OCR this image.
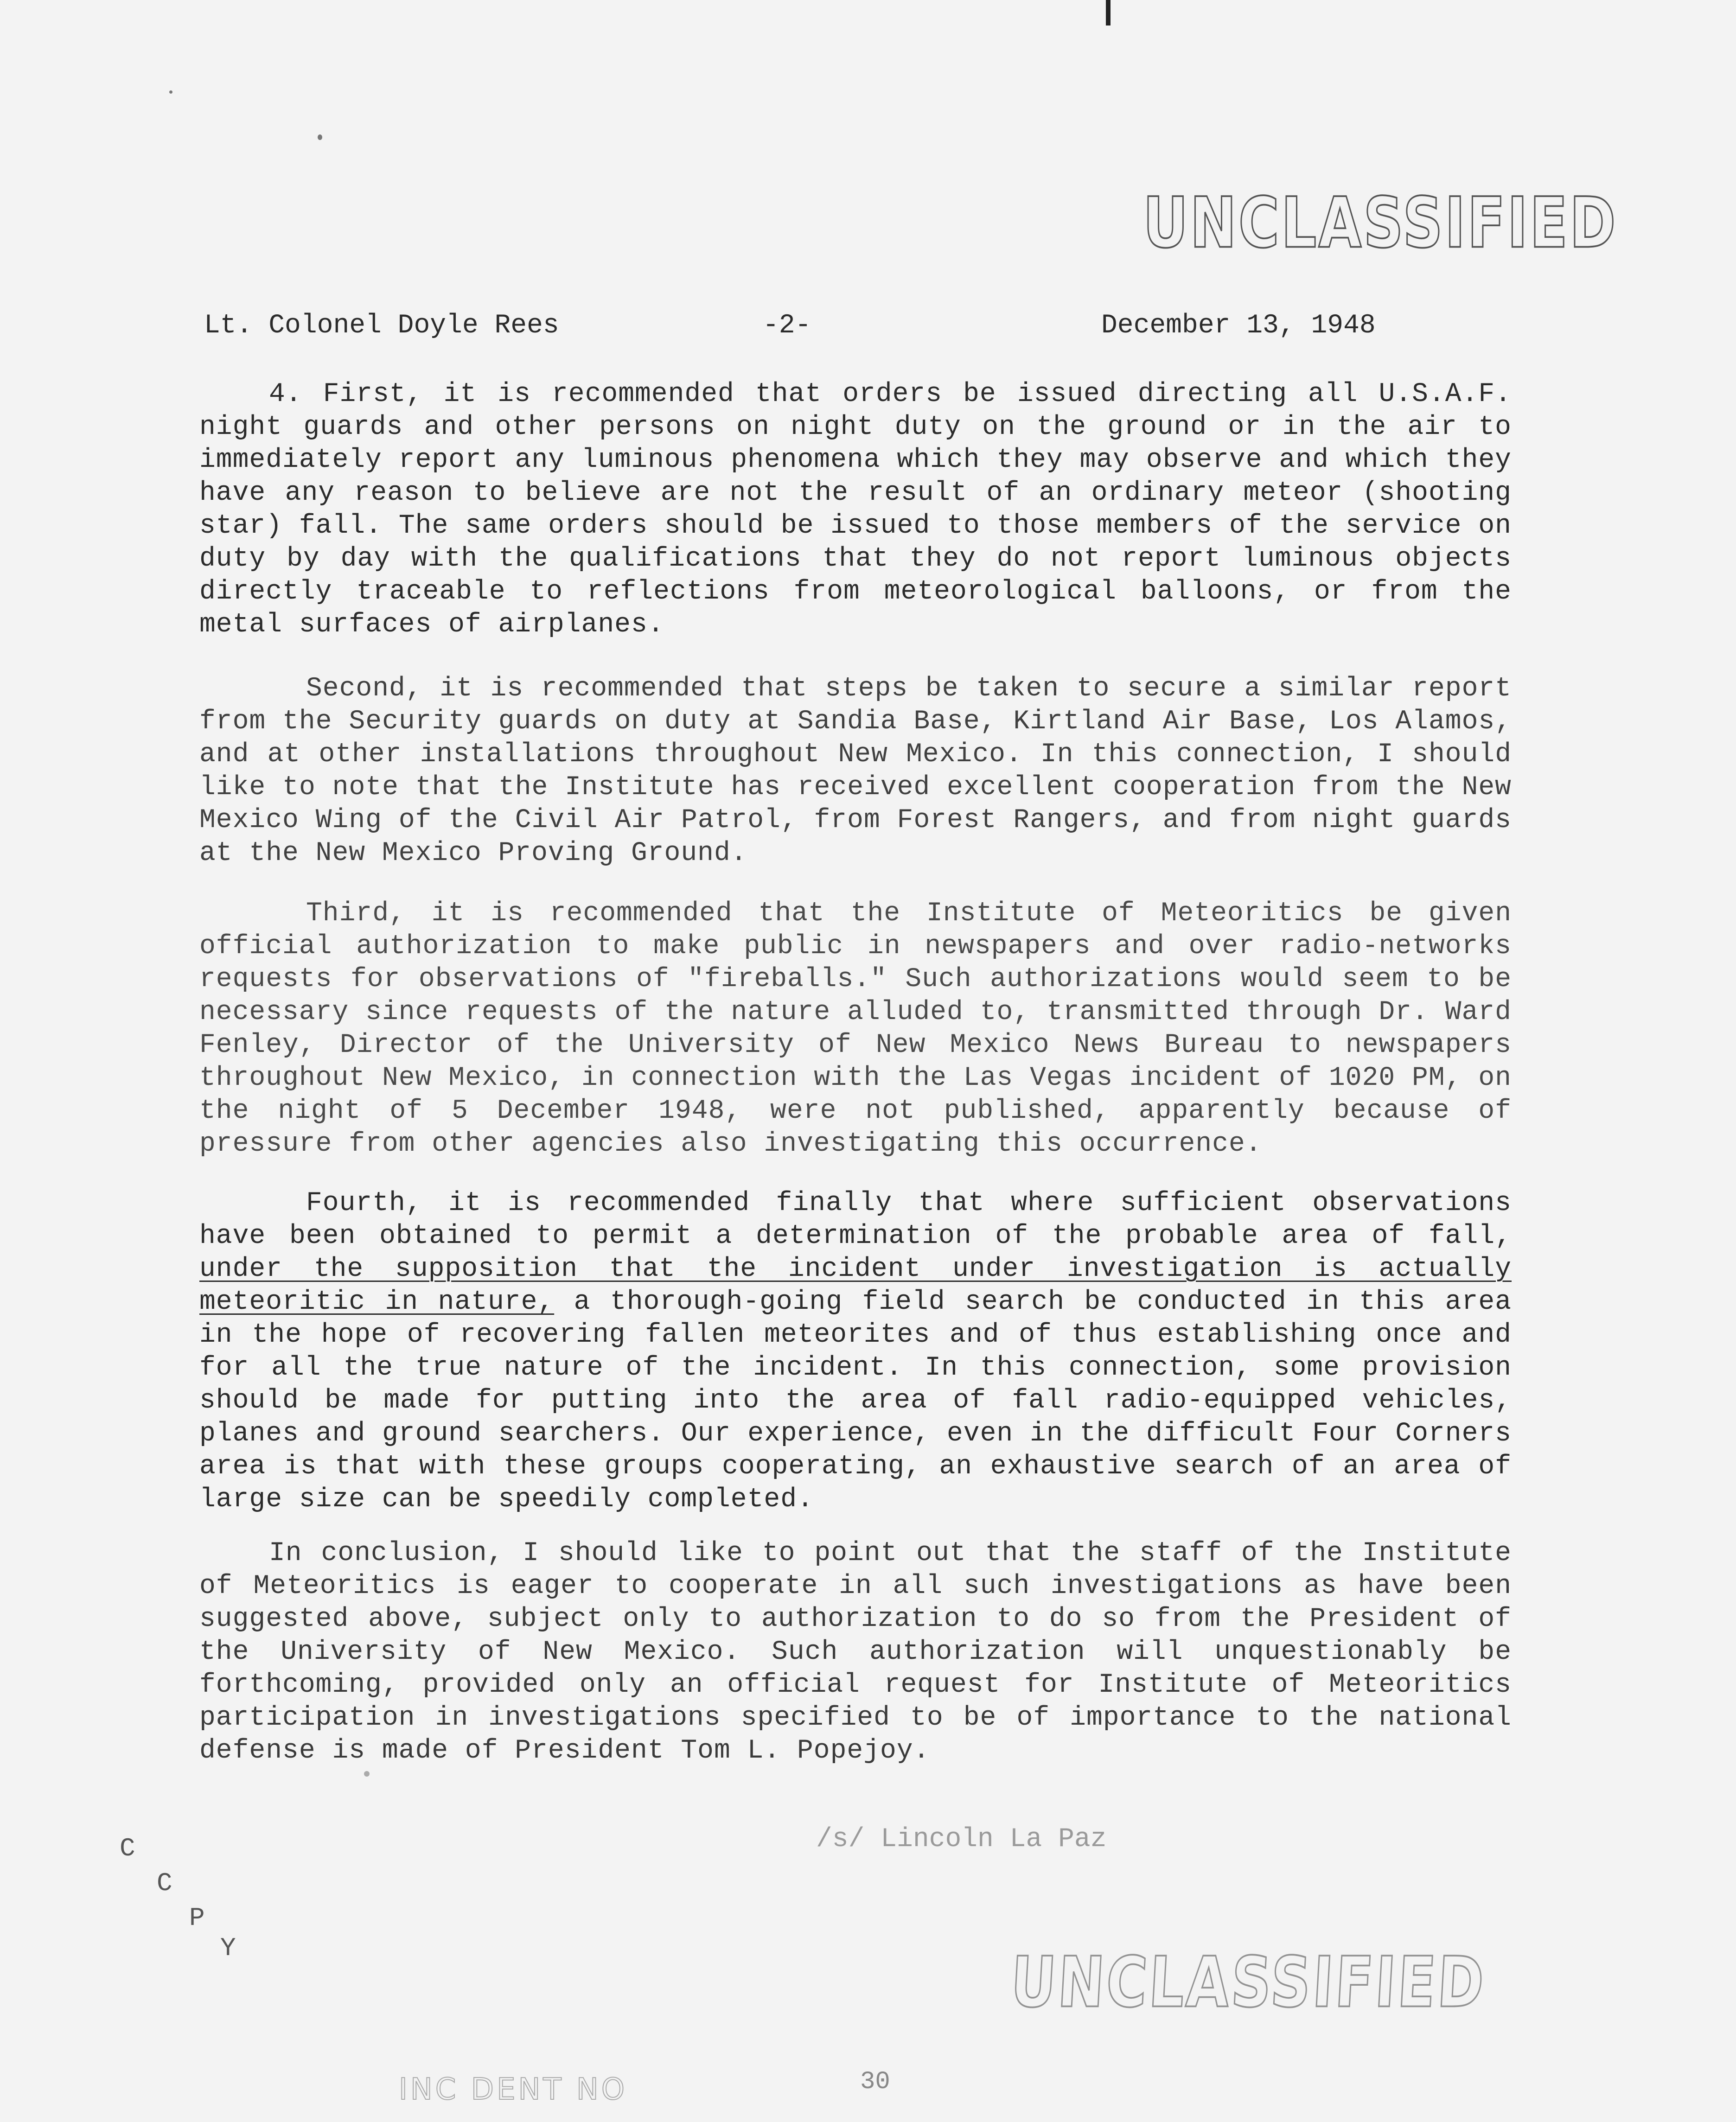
UNCLASSIFIED
Lt. Colonel Doyle Rees	-2-	December 13, 1948
4. First, it is recommended that orders be issued directing all U.S.A.F. night guards and other persons on night duty on the ground or in the air to immediately report any luminous phenomena which they may observe and which they have any reason to believe are not the result of an ordinary meteor (shooting star) fall. The same orders should be issued to those members of the service on duty by day with the qualifications that they do not report luminous objects directly traceable to reflections from meteorological balloons, or from the metal surfaces of airplanes.
Second, it is recommended that steps be taken to secure a similar report from the Security guards on duty at Sandia Base, Kirtland Air Base, Los Alamos, and at other installations throughout New Mexico. In this connection, I should like to note that the Institute has received excellent cooperation from the New Mexico Wing of the Civil Air Patrol, from Forest Rangers, and from night guards at the New Mexico Proving Ground.
Third, it is recommended that the Institute of Meteoritics be given official authorization to make public in newspapers and over radio-networks requests for observations of "fireballs." Such authorizations would seem to be necessary since requests of the nature alluded to, transmitted through Dr. Ward Fenley, Director of the University of New Mexico News Bureau to newspapers throughout New Mexico, in connection with the Las Vegas incident of 1020 PM, on the night of 5 December 1948, were not published, apparently because of pressure from other agencies also investigating this occurrence.
Fourth, it is recommended finally that where sufficient observations have been obtained to permit a determination of the probable area of fall, under the supposition that the incident under investigation is actually meteoritic in nature, a thorough-going field search be conducted in this area in the hope of recovering fallen meteorites and of thus establishing once and for all the true nature of the incident. In this connection, some provision should be made for putting into the area of fall radio-equipped vehicles, planes and ground searchers. Our experience, even in the difficult Four Corners area is that with these groups cooperating, an exhaustive search of an area of large size can be speedily completed.
In conclusion, I should like to point out that the staff of the Institute of Meteoritics is eager to cooperate in all such investigations as have been suggested above, subject only to authorization to do so from the President of the University of New Mexico. Such authorization will unquestionably be forthcoming, provided only an official request for Institute of Meteoritics participation in investigations specified to be of importance to the national defense is made of President Tom L. Popejoy.
/s/ Lincoln La Paz
C
C
P
Y	UNCLASSIFIED
INC DENT NO	30
